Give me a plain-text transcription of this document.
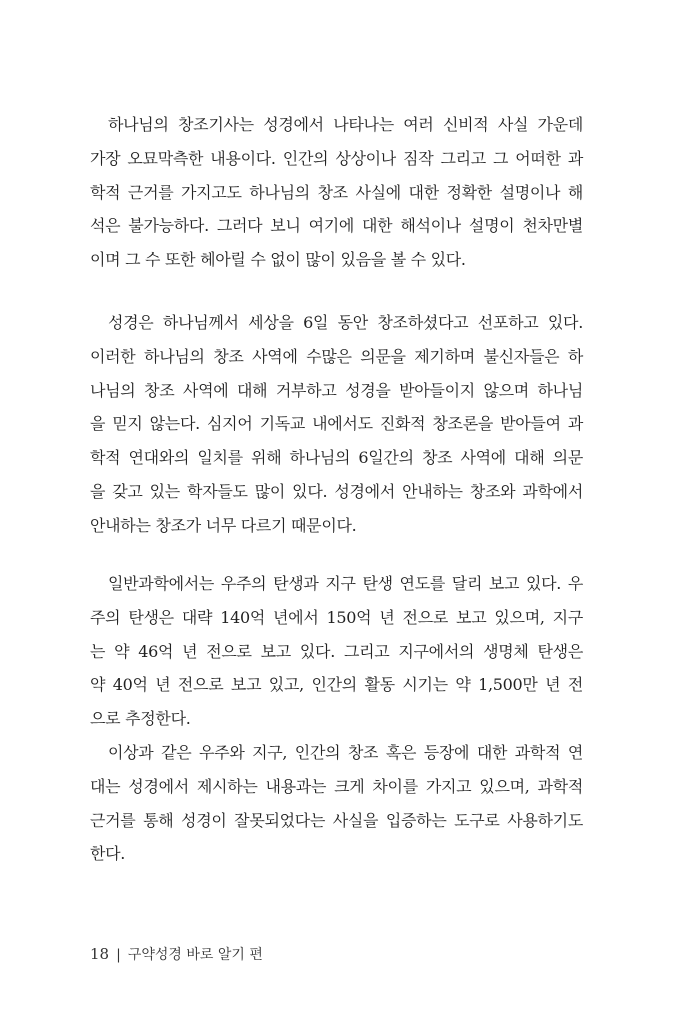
하나님의 창조기사는 성경에서 나타나는 여러 신비적 사실 가운데
가장 오묘막측한 내용이다. 인간의 상상이나 짐작 그리고 그 어떠한 과
학적 근거를 가지고도 하나님의 창조 사실에 대한 정확한 설명이나 해
석은 불가능하다. 그러다 보니 여기에 대한 해석이나 설명이 천차만별
이며 그 수 또한 헤아릴 수 없이 많이 있음을 볼 수 있다.
성경은 하나님께서 세상을 6일 동안 창조하셨다고 선포하고 있다.
이러한 하나님의 창조 사역에 수많은 의문을 제기하며 불신자들은 하
나님의 창조 사역에 대해 거부하고 성경을 받아들이지 않으며 하나님
을 믿지 않는다. 심지어 기독교 내에서도 진화적 창조론을 받아들여 과
학적 연대와의 일치를 위해 하나님의 6일간의 창조 사역에 대해 의문
을 갖고 있는 학자들도 많이 있다. 성경에서 안내하는 창조와 과학에서
안내하는 창조가 너무 다르기 때문이다.
일반과학에서는 우주의 탄생과 지구 탄생 연도를 달리 보고 있다. 우
주의 탄생은 대략 140억 년에서 150억 년 전으로 보고 있으며, 지구
는 약 46억 년 전으로 보고 있다. 그리고 지구에서의 생명체 탄생은
약 40억 년 전으로 보고 있고, 인간의 활동 시기는 약 1,500만 년 전
으로 추정한다.
이상과 같은 우주와 지구, 인간의 창조 혹은 등장에 대한 과학적 연
대는 성경에서 제시하는 내용과는 크게 차이를 가지고 있으며, 과학적
근거를 통해 성경이 잘못되었다는 사실을 입증하는 도구로 사용하기도
한다.
18 | 구약성경 바로 알기 편
